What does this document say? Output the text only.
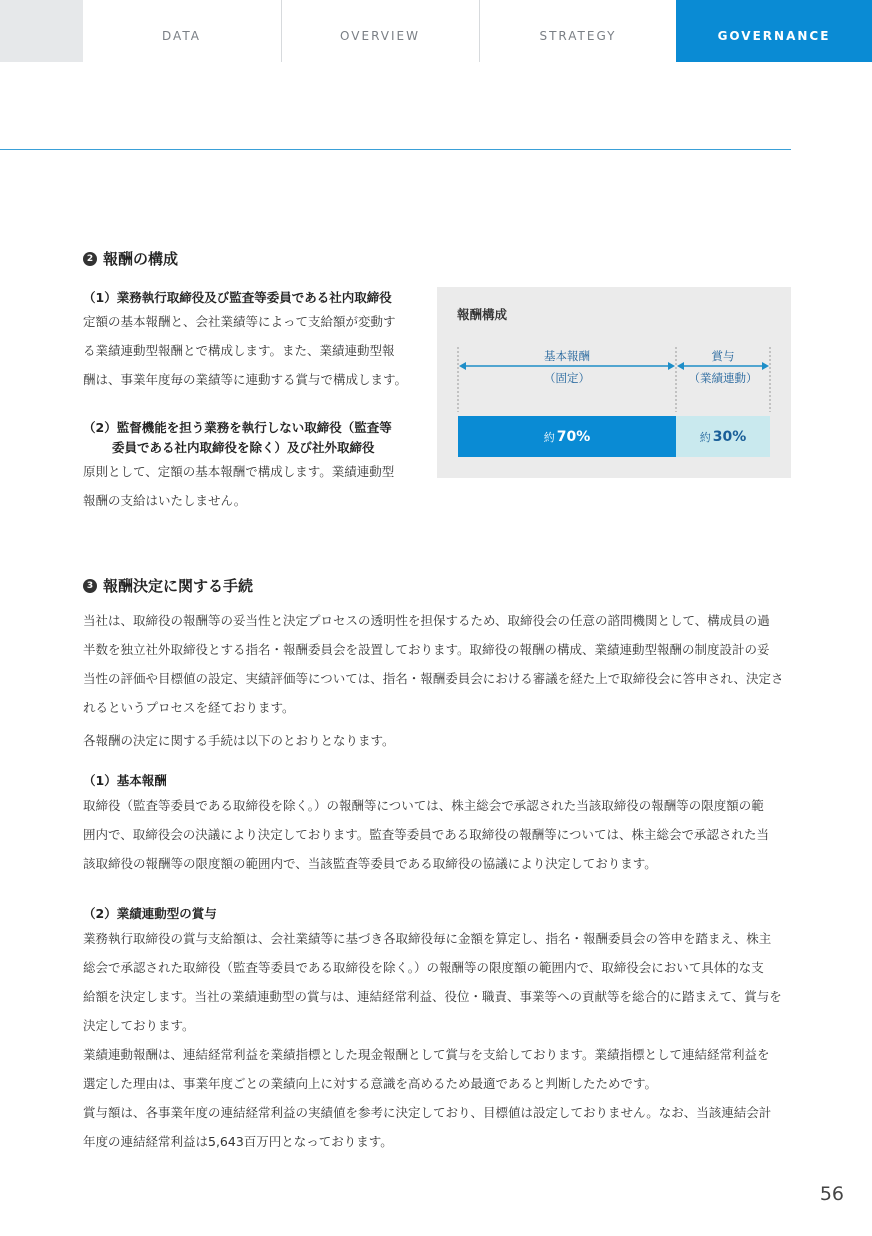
DATA	OVERVIEW	STRATEGY	GOVERNANCE
2 報酬の構成
（1）業務執行取締役及び監査等委員である社内取締役

定額の基本報酬と、会社業績等によって支給額が変動す

る業績連動型報酬とで構成します。また、業績連動型報

酬は、事業年度毎の業績等に連動する賞与で構成します。

（2）監督機能を担う業務を執行しない取締役（監査等
委員である社内取締役を除く）及び社外取締役

原則として、定額の基本報酬で構成します。業績連動型

報酬の支給はいたしません。

報酬構成
基本報酬
（固定）
賞与
（業績連動）
約 70%	約 30%
3 報酬決定に関する手続

当社は、取締役の報酬等の妥当性と決定プロセスの透明性を担保するため、取締役会の任意の諮問機関として、構成員の過

半数を独立社外取締役とする指名・報酬委員会を設置しております。取締役の報酬の構成、業績連動型報酬の制度設計の妥

当性の評価や目標値の設定、実績評価等については、指名・報酬委員会における審議を経た上で取締役会に答申され、決定さ

れるというプロセスを経ております。

各報酬の決定に関する手続は以下のとおりとなります。

（1）基本報酬

取締役（監査等委員である取締役を除く。）の報酬等については、株主総会で承認された当該取締役の報酬等の限度額の範

囲内で、取締役会の決議により決定しております。監査等委員である取締役の報酬等については、株主総会で承認された当

該取締役の報酬等の限度額の範囲内で、当該監査等委員である取締役の協議により決定しております。

（2）業績連動型の賞与

業務執行取締役の賞与支給額は、会社業績等に基づき各取締役毎に金額を算定し、指名・報酬委員会の答申を踏まえ、株主

総会で承認された取締役（監査等委員である取締役を除く。）の報酬等の限度額の範囲内で、取締役会において具体的な支

給額を決定します。当社の業績連動型の賞与は、連結経常利益、役位・職責、事業等への貢献等を総合的に踏まえて、賞与を

決定しております。

業績連動報酬は、連結経常利益を業績指標とした現金報酬として賞与を支給しております。業績指標として連結経常利益を

選定した理由は、事業年度ごとの業績向上に対する意識を高めるため最適であると判断したためです。

賞与額は、各事業年度の連結経常利益の実績値を参考に決定しており、目標値は設定しておりません。なお、当該連結会計

年度の連結経常利益は5,643百万円となっております。

56
